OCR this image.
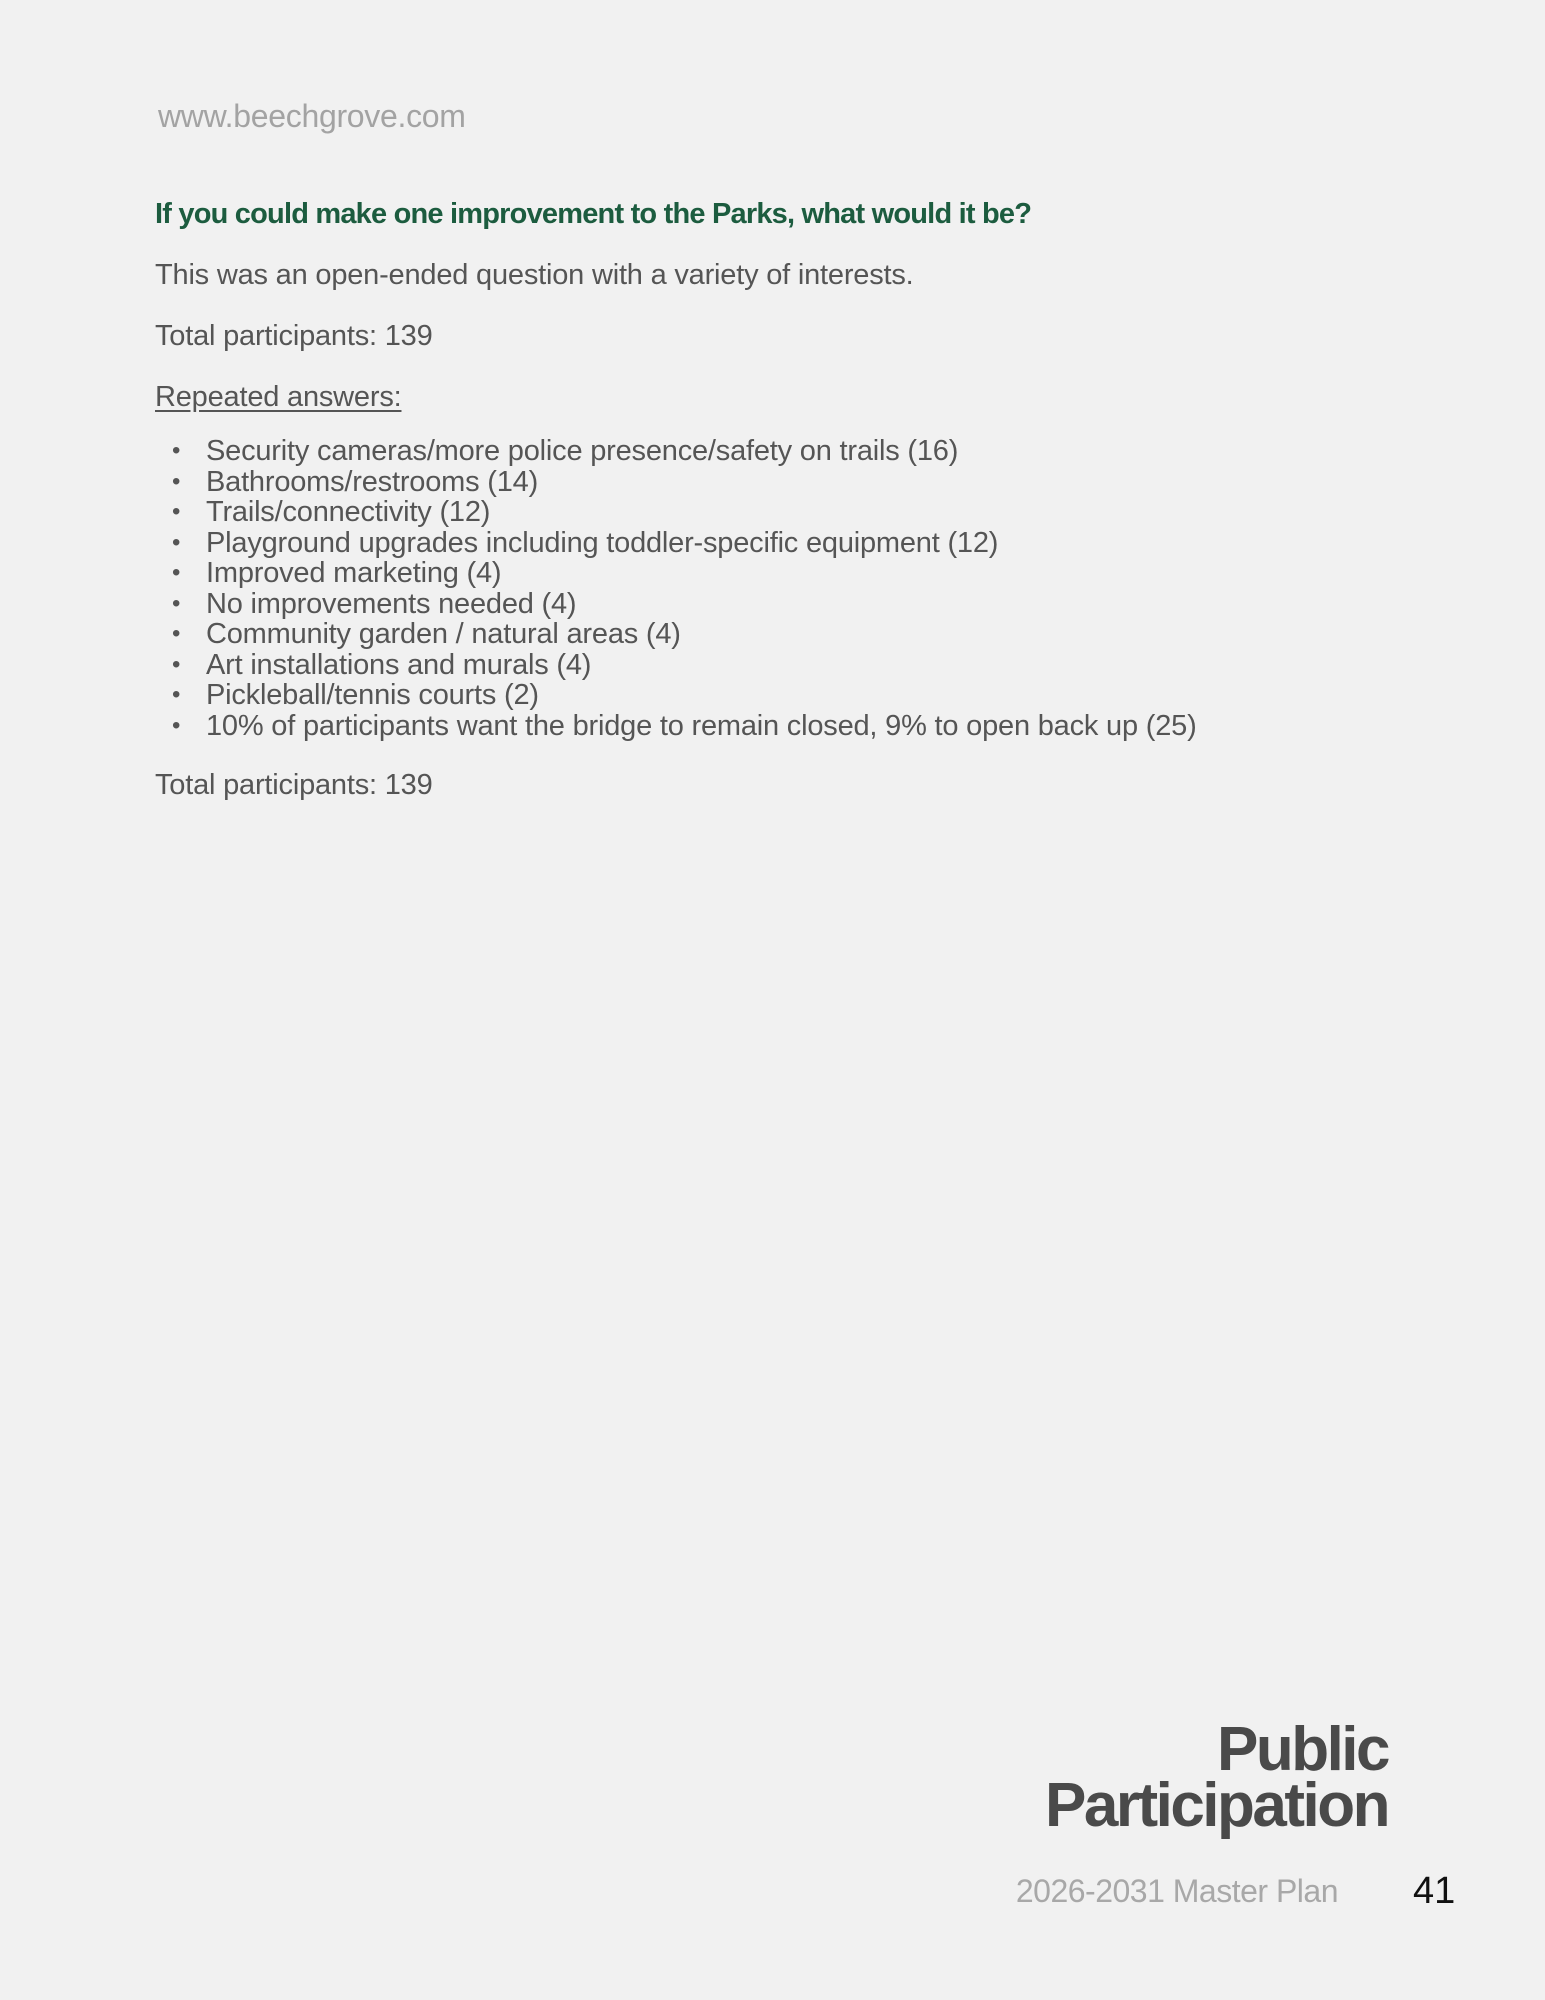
www.beechgrove.com
If you could make one improvement to the Parks, what would it be?
This was an open-ended question with a variety of interests.
Total participants: 139
Repeated answers:
• Security cameras/more police presence/safety on trails (16)
• Bathrooms/restrooms (14)
• Trails/connectivity (12)
• Playground upgrades including toddler-specific equipment (12)
• Improved marketing (4)
• No improvements needed (4)
• Community garden / natural areas (4)
• Art installations and murals (4)
• Pickleball/tennis courts (2)
• 10% of participants want the bridge to remain closed, 9% to open back up (25)
Total participants: 139
Public
Participation
2026-2031 Master Plan 41
